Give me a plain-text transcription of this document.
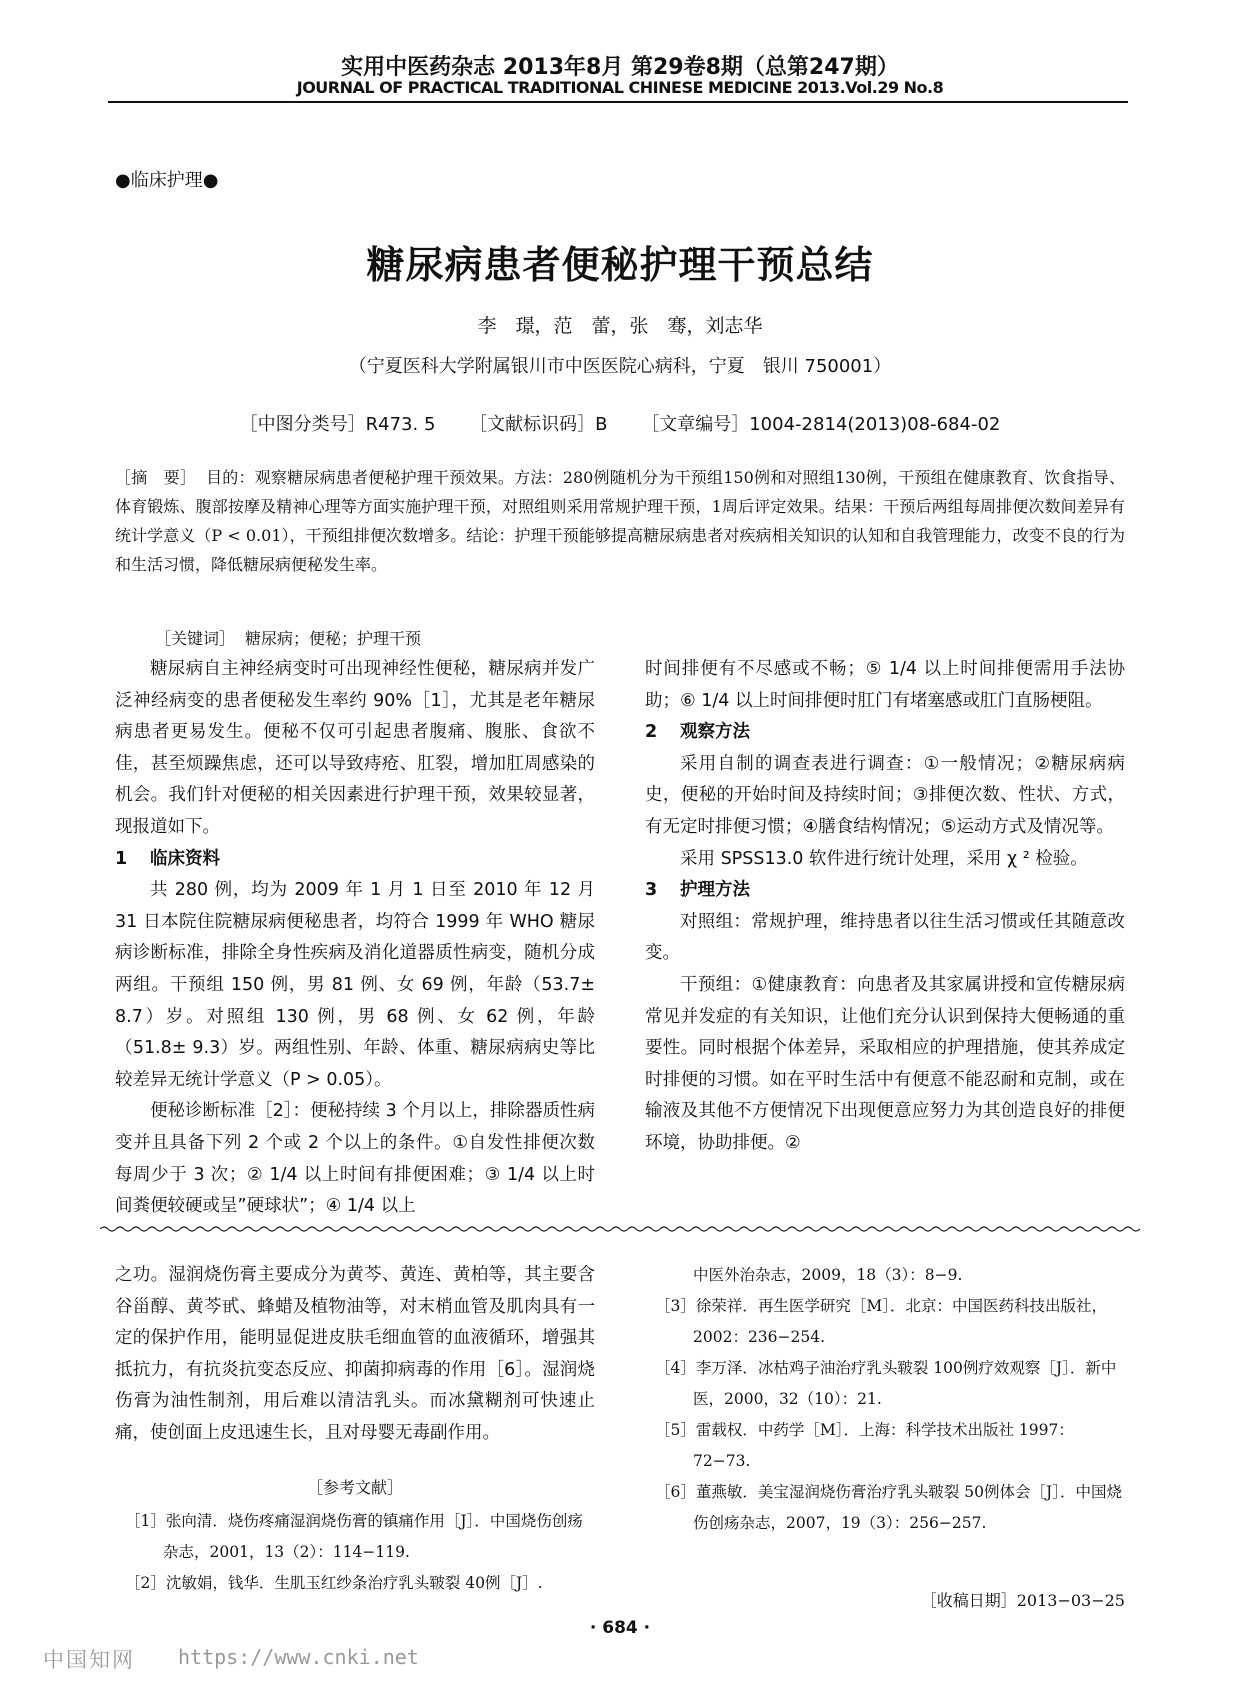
实用中医药杂志 2013年8月 第29卷8期（总第247期）
JOURNAL OF PRACTICAL TRADITIONAL CHINESE MEDICINE 2013.Vol.29 No.8
●临床护理●
糖尿病患者便秘护理干预总结
李　璟，范　蕾，张　骞，刘志华
（宁夏医科大学附属银川市中医医院心病科，宁夏　银川 750001）
［中图分类号］R473. 5 ［文献标识码］B ［文章编号］1004-2814(2013)08-684-02
［摘　要］ 目的：观察糖尿病患者便秘护理干预效果。方法：280例随机分为干预组150例和对照组130例，干预组在健康教育、饮食指导、体育锻炼、腹部按摩及精神心理等方面实施护理干预，对照组则采用常规护理干预，1周后评定效果。结果：干预后两组每周排便次数间差异有统计学意义（P < 0.01），干预组排便次数增多。结论：护理干预能够提高糖尿病患者对疾病相关知识的认知和自我管理能力，改变不良的行为和生活习惯，降低糖尿病便秘发生率。
［关键词］ 糖尿病；便秘；护理干预

糖尿病自主神经病变时可出现神经性便秘，糖尿病并发广泛神经病变的患者便秘发生率约 90%［1］，尤其是老年糖尿病患者更易发生。便秘不仅可引起患者腹痛、腹胀、食欲不佳，甚至烦躁焦虑，还可以导致痔疮、肛裂，增加肛周感染的机会。我们针对便秘的相关因素进行护理干预，效果较显著，现报道如下。

1 临床资料

共 280 例，均为 2009 年 1 月 1 日至 2010 年 12 月 31 日本院住院糖尿病便秘患者，均符合 1999 年 WHO 糖尿病诊断标准，排除全身性疾病及消化道器质性病变，随机分成两组。干预组 150 例，男 81 例、女 69 例，年龄（53.7± 8.7）岁。对照组 130 例，男 68 例、女 62 例，年龄（51.8± 9.3）岁。两组性别、年龄、体重、糖尿病病史等比较差异无统计学意义（P > 0.05）。

便秘诊断标准［2］：便秘持续 3 个月以上，排除器质性病变并且具备下列 2 个或 2 个以上的条件。①自发性排便次数每周少于 3 次；② 1/4 以上时间有排便困难；③ 1/4 以上时间粪便较硬或呈”硬球状”；④ 1/4 以上

时间排便有不尽感或不畅；⑤ 1/4 以上时间排便需用手法协助；⑥ 1/4 以上时间排便时肛门有堵塞感或肛门直肠梗阻。

2 观察方法

采用自制的调查表进行调查：①一般情况；②糖尿病病史，便秘的开始时间及持续时间；③排便次数、性状、方式，有无定时排便习惯；④膳食结构情况；⑤运动方式及情况等。

采用 SPSS13.0 软件进行统计处理，采用 χ ² 检验。

3 护理方法

对照组：常规护理，维持患者以往生活习惯或任其随意改变。

干预组：①健康教育：向患者及其家属讲授和宣传糖尿病常见并发症的有关知识，让他们充分认识到保持大便畅通的重要性。同时根据个体差异，采取相应的护理措施，使其养成定时排便的习惯。如在平时生活中有便意不能忍耐和克制，或在输液及其他不方便情况下出现便意应努力为其创造良好的排便环境，协助排便。②

之功。湿润烧伤膏主要成分为黄芩、黄连、黄柏等，其主要含谷甾醇、黄芩甙、蜂蜡及植物油等，对末梢血管及肌肉具有一定的保护作用，能明显促进皮肤毛细血管的血液循环，增强其抵抗力，有抗炎抗变态反应、抑菌抑病毒的作用［6］。湿润烧伤膏为油性制剂，用后难以清洁乳头。而冰黛糊剂可快速止痛，使创面上皮迅速生长，且对母婴无毒副作用。

［参考文献］
［1］张向清．烧伤疼痛湿润烧伤膏的镇痛作用［J］．中国烧伤创疡杂志，2001，13（2）：114−119.
［2］沈敏娟，钱华．生肌玉红纱条治疗乳头皲裂 40例［J］.
中医外治杂志，2009，18（3）：8−9.
［3］徐荣祥．再生医学研究［M］．北京：中国医药科技出版社，2002：236−254.
［4］李万泽．冰枯鸡子油治疗乳头皲裂 100例疗效观察［J］．新中医，2000，32（10）：21.
［5］雷载权．中药学［M］．上海：科学技术出版社 1997：72−73.
［6］董燕敏．美宝湿润烧伤膏治疗乳头皲裂 50例体会［J］．中国烧伤创疡杂志，2007，19（3）：256−257.
［收稿日期］2013−03−25
· 684 ·
中国知网 https://www.cnki.net
